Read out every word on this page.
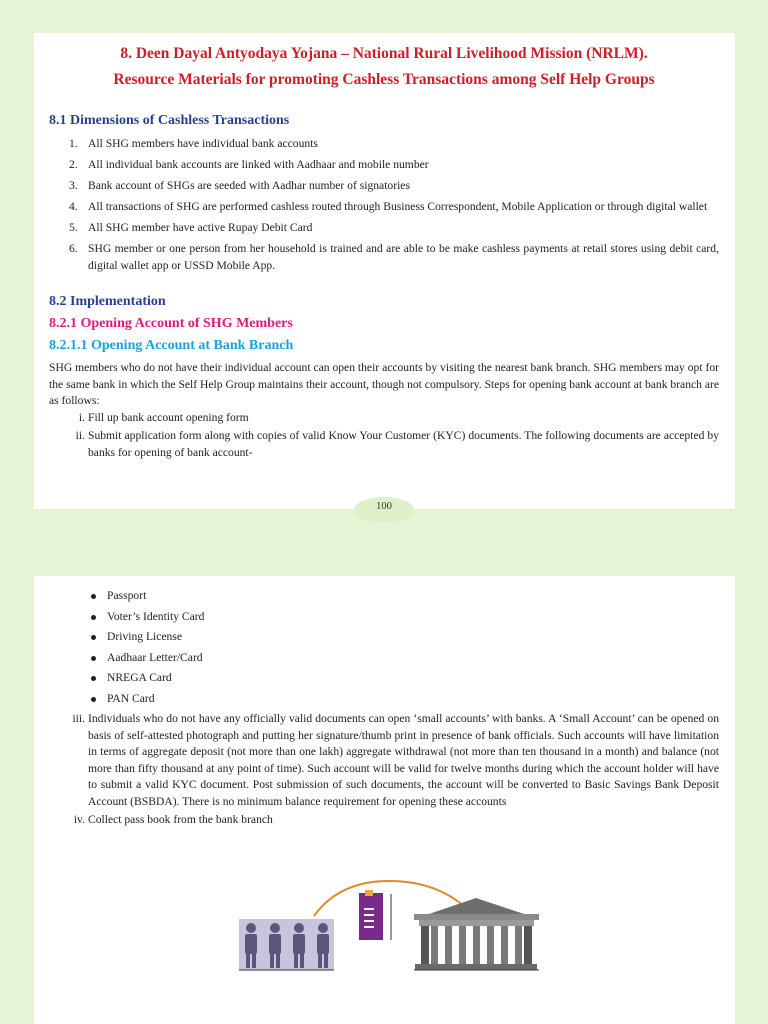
8. Deen Dayal Antyodaya Yojana – National Rural Livelihood Mission (NRLM).
Resource Materials for promoting Cashless Transactions among Self Help Groups
8.1 Dimensions of Cashless Transactions
1. All SHG members have individual bank accounts
2. All individual bank accounts are linked with Aadhaar and mobile number
3. Bank account of SHGs are seeded with Aadhar number of signatories
4. All transactions of SHG are performed cashless routed through Business Correspondent, Mobile Application or through digital wallet
5. All SHG member have active Rupay Debit Card
6. SHG member or one person from her household is trained and are able to be make cashless payments at retail stores using debit card, digital wallet app or USSD Mobile App.
8.2 Implementation
8.2.1 Opening Account of SHG Members
8.2.1.1 Opening Account at Bank Branch

SHG members who do not have their individual account can open their accounts by visiting the nearest bank branch. SHG members may opt for the same bank in which the Self Help Group maintains their account, though not compulsory. Steps for opening bank account at bank branch are as follows:

i. Fill up bank account opening form
ii. Submit application form along with copies of valid Know Your Customer (KYC) documents. The following documents are accepted by banks for opening of bank account-
100
Passport
Voter’s Identity Card
Driving License
Aadhaar Letter/Card
NREGA Card
PAN Card
iii. Individuals who do not have any officially valid documents can open ‘small accounts’ with banks. A ‘Small Account’ can be opened on basis of self-attested photograph and putting her signature/thumb print in presence of bank officials. Such accounts will have limitation in terms of aggregate deposit (not more than one lakh) aggregate withdrawal (not more than ten thousand in a month) and balance (not more than fifty thousand at any point of time). Such account will be valid for twelve months during which the account holder will have to submit a valid KYC document. Post submission of such documents, the account will be converted to Basic Savings Bank Deposit Account (BSBDA). There is no minimum balance requirement for opening these accounts
iv. Collect pass book from the bank branch
